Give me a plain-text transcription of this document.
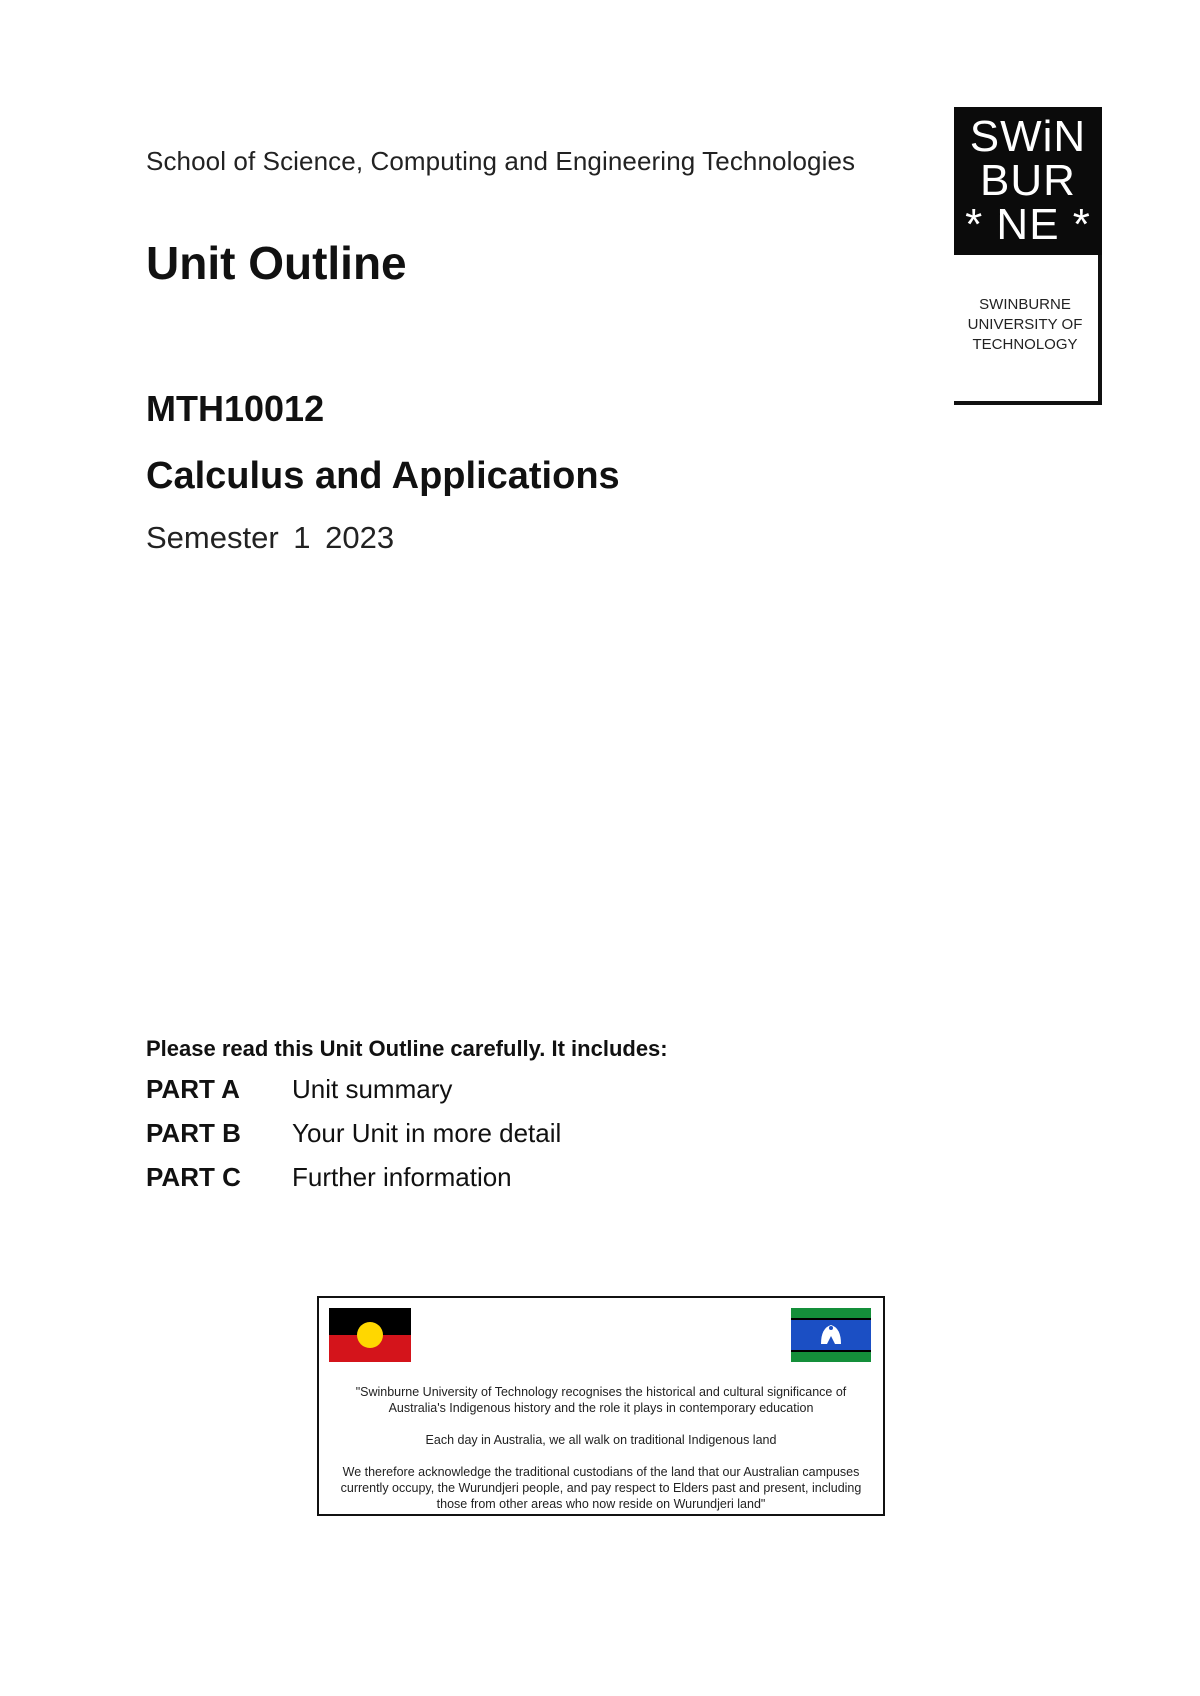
School of Science, Computing and Engineering Technologies
Unit Outline
MTH10012
Calculus and Applications
Semester 1 2023
SWiN
BUR
* NE *
SWINBURNE
UNIVERSITY OF
TECHNOLOGY
Please read this Unit Outline carefully. It includes:
PART A Unit summary
PART B Your Unit in more detail
PART C Further information

"Swinburne University of Technology recognises the historical and cultural significance of Australia's Indigenous history and the role it plays in contemporary education

Each day in Australia, we all walk on traditional Indigenous land

We therefore acknowledge the traditional custodians of the land that our Australian campuses currently occupy, the Wurundjeri people, and pay respect to Elders past and present, including those from other areas who now reside on Wurundjeri land"
